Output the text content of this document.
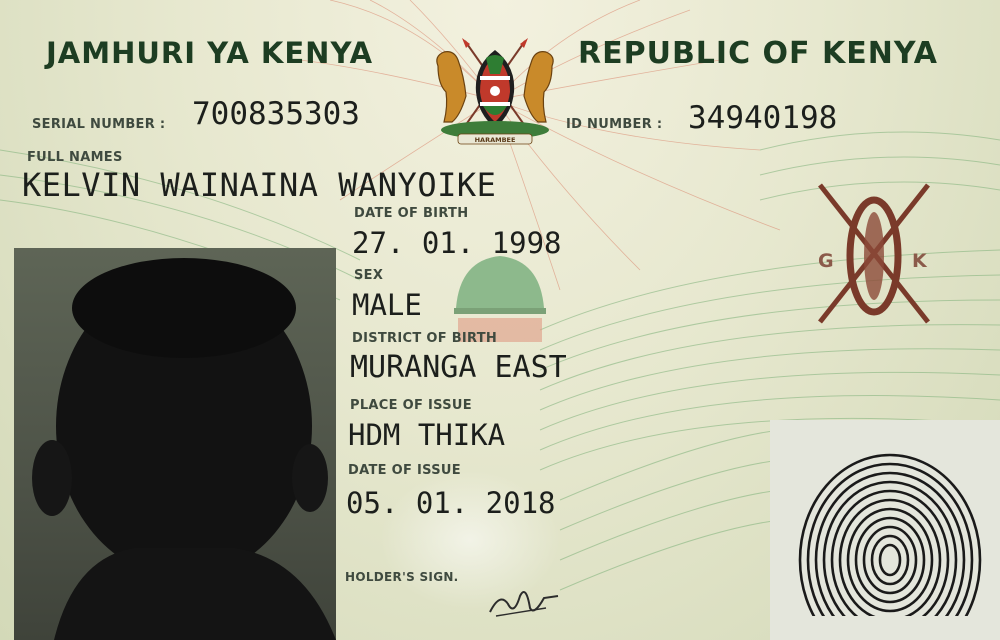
JAMHURI YA KENYA	REPUBLIC OF KENYA
HARAMBEE
SERIAL NUMBER : 700835303	ID NUMBER : 34940198
FULL NAMES
KELVIN WAINAINA WANYOIKE
DATE OF BIRTH
27. 01. 1998
SEX
MALE
DISTRICT OF BIRTH
MURANGA EAST
PLACE OF ISSUE
HDM THIKA
DATE OF ISSUE
05. 01. 2018
HOLDER'S SIGN.
G	K
